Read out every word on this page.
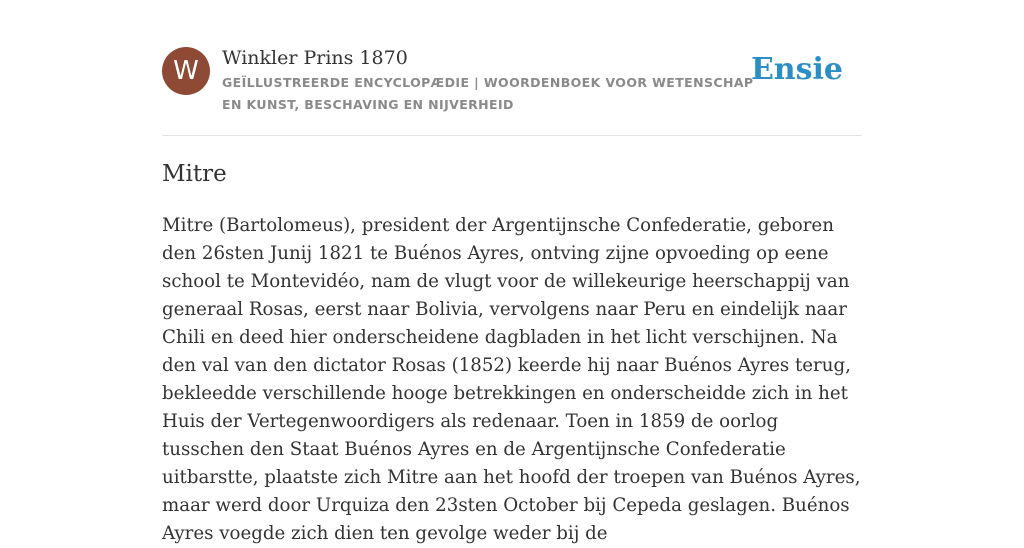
W	Winkler Prins 1870
GEÏLLUSTREERDE ENCYCLOPÆDIE | WOORDENBOEK VOOR WETENSCHAP EN KUNST, BESCHAVING EN NIJVERHEID
Ensie
Mitre

Mitre (Bartolomeus), president der Argentijnsche Confederatie, geboren den 26sten Junij 1821 te Buénos Ayres, ontving zijne opvoeding op eene school te Montevidéo, nam de vlugt voor de willekeurige heerschappij van generaal Rosas, eerst naar Bolivia, vervolgens naar Peru en eindelijk naar Chili en deed hier onderscheidene dagbladen in het licht verschijnen. Na den val van den dictator Rosas (1852) keerde hij naar Buénos Ayres terug, bekleedde verschillende hooge betrekkingen en onderscheidde zich in het Huis der Vertegenwoordigers als redenaar. Toen in 1859 de oorlog tusschen den Staat Buénos Ayres en de Argentijnsche Confederatie uitbarstte, plaatste zich Mitre aan het hoofd der troepen van Buénos Ayres, maar werd door Urquiza den 23sten October bij Cepeda geslagen. Buénos Ayres voegde zich dien ten gevolge weder bij de
